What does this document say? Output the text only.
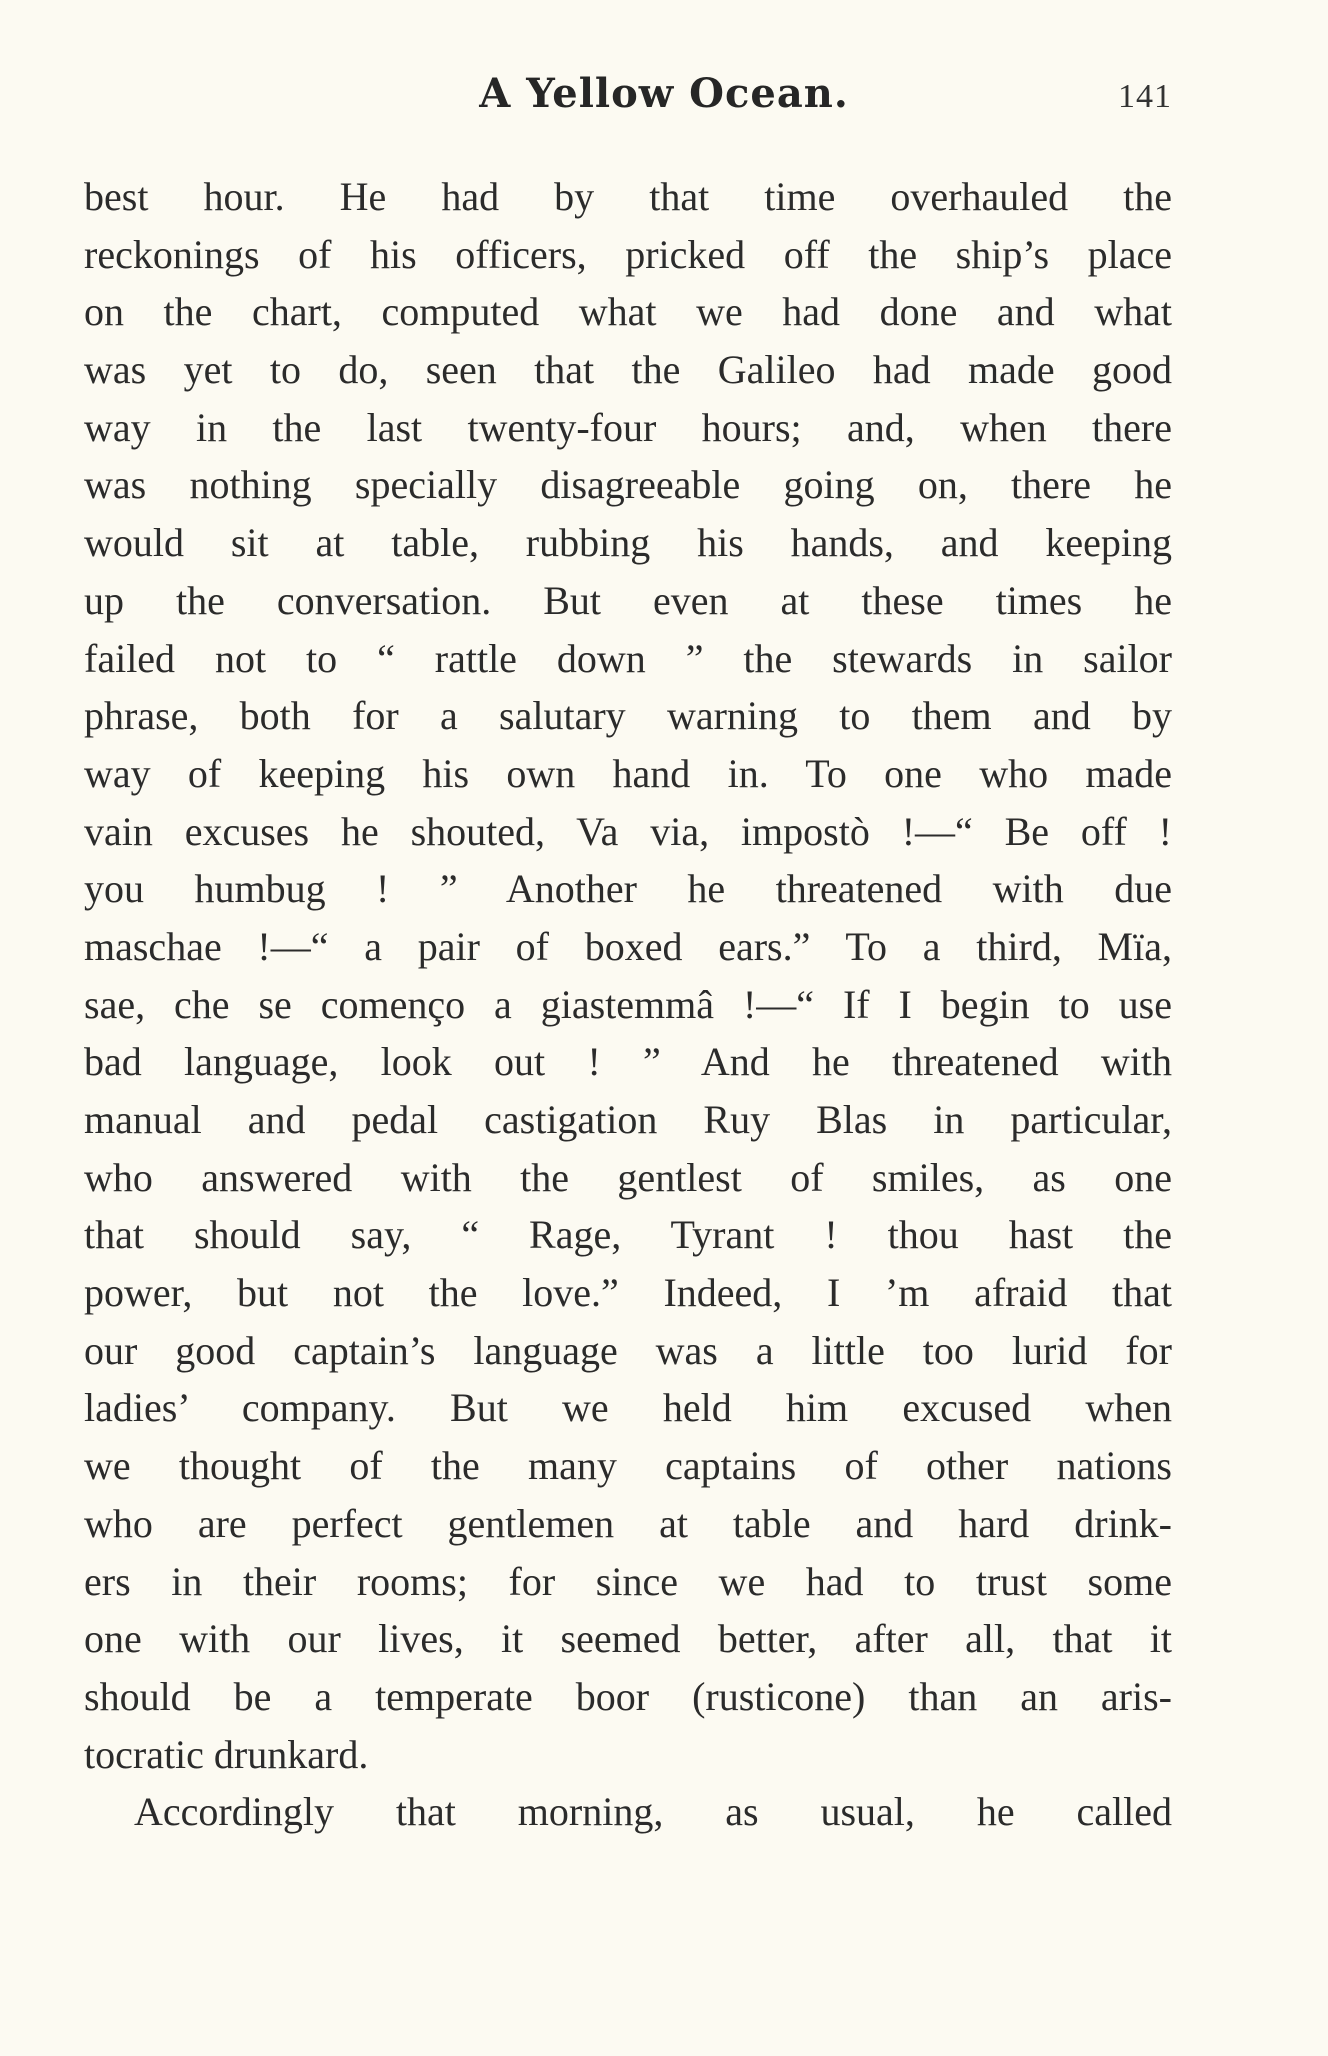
A Yellow Ocean.	141
best hour. He had by that time overhauled the
reckonings of his officers, pricked off the ship’s place
on the chart, computed what we had done and what
was yet to do, seen that the Galileo had made good
way in the last twenty-four hours; and, when there
was nothing specially disagreeable going on, there he
would sit at table, rubbing his hands, and keeping
up the conversation. But even at these times he
failed not to “ rattle down ” the stewards in sailor
phrase, both for a salutary warning to them and by
way of keeping his own hand in. To one who made
vain excuses he shouted, Va via, impostò !—“ Be off !
you humbug ! ” Another he threatened with due
maschae !—“ a pair of boxed ears.” To a third, Mïa,
sae, che se començo a giastemmâ !—“ If I begin to use
bad language, look out ! ” And he threatened with
manual and pedal castigation Ruy Blas in particular,
who answered with the gentlest of smiles, as one
that should say, “ Rage, Tyrant ! thou hast the
power, but not the love.” Indeed, I ’m afraid that
our good captain’s language was a little too lurid for
ladies’ company. But we held him excused when
we thought of the many captains of other nations
who are perfect gentlemen at table and hard drink-
ers in their rooms; for since we had to trust some
one with our lives, it seemed better, after all, that it
should be a temperate boor (rusticone) than an aris-
tocratic drunkard.
Accordingly that morning, as usual, he called
